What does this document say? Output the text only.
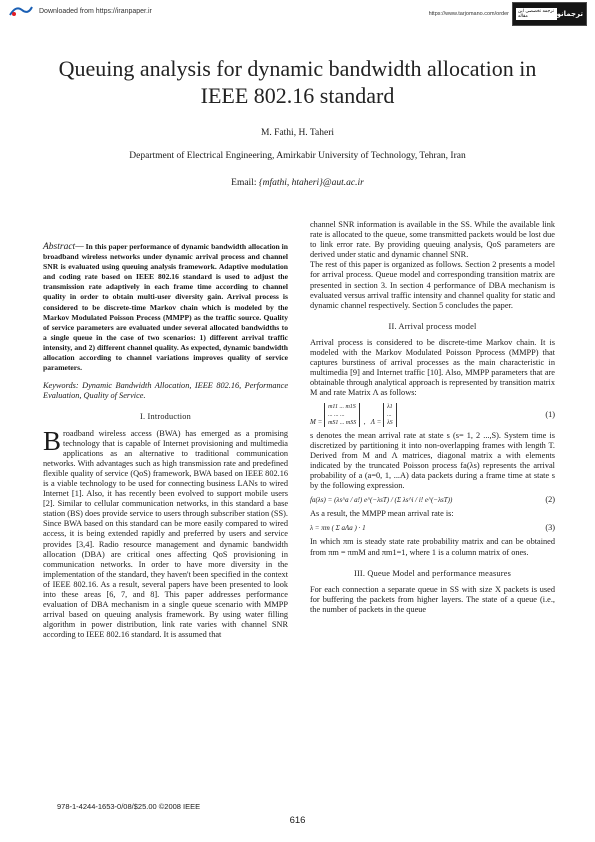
Downloaded from https://iranpaper.ir	https://www.tarjomano.com/order	ترجمه تخصصی این مقاله	ترجمانو
Queuing analysis for dynamic bandwidth allocation in IEEE 802.16 standard
M. Fathi, H. Taheri
Department of Electrical Engineering, Amirkabir University of Technology, Tehran, Iran
Email: {mfathi, htaheri}@aut.ac.ir

Abstract— In this paper performance of dynamic bandwidth allocation in broadband wireless networks under dynamic arrival process and channel SNR is evaluated using queuing analysis framework. Adaptive modulation and coding rate based on IEEE 802.16 standard is used to adjust the transmission rate adaptively in each frame time according to channel quality in order to obtain multi-user diversity gain. Arrival process is considered to be discrete-time Markov chain which is modeled by the Markov Modulated Poisson Process (MMPP) as the traffic source. Quality of service parameters are evaluated under several allocated bandwidths to a single queue in the case of two scenarios: 1) different arrival traffic intensity, and 2) different channel quality. As expected, dynamic bandwidth allocation according to channel variations improves quality of service parameters.

Keywords: Dynamic Bandwidth Allocation, IEEE 802.16, Performance Evaluation, Quality of Service.

I. Introduction

Broadband wireless access (BWA) has emerged as a promising technology that is capable of Internet provisioning and multimedia applications as an alternative to traditional communication networks. With advantages such as high transmission rate and predefined flexible quality of service (QoS) framework, BWA based on IEEE 802.16 is a viable technology to be used for connecting business LANs to wired Internet [1]. Also, it has recently been evolved to support mobile users [2]. Similar to cellular communication networks, in this standard a base station (BS) does provide service to users through subscriber station (SS). Since BWA based on this standard can be more easily compared to wired access, it is being extended rapidly and preferred by users and service provides [3,4]. Radio resource management and dynamic bandwidth allocation (DBA) are critical ones affecting QoS provisioning in communication networks. In order to have more diversity in the implementation of the standard, they haven't been specified in the context of IEEE 802.16. As a result, several papers have been presented to look into these areas [6, 7, and 8]. This paper addresses performance evaluation of DBA mechanism in a single queue scenario with MMPP arrival based on queuing analysis framework. By using water filling algorithm in power distribution, link rate varies with channel SNR according to IEEE 802.16 standard. It is assumed that

channel SNR information is available in the SS. While the available link rate is allocated to the queue, some transmitted packets would be lost due to link error rate. By providing queuing analysis, QoS parameters are derived under static and dynamic channel SNR.

The rest of this paper is organized as follows. Section 2 presents a model for arrival process. Queue model and corresponding transition matrix are presented in section 3. In section 4 performance of DBA mechanism is evaluated versus arrival traffic intensity and channel quality for static and dynamic channel respectively. Section 5 concludes the paper.

II. Arrival process model

Arrival process is considered to be discrete-time Markov chain. It is modeled with the Markov Modulated Poisson Pprocess (MMPP) that captures burstiness of arrival processes as the main characteristic in multimedia [9] and Internet traffic [10]. Also, MMPP parameters that are obtainable through analytical approach is represented by transition matrix M and rate Matrix Λ as follows:

M = m11 ... m1S
... ... ...
mS1 ... mSS  ,   Λ = λ1
...
λS
(1)

s denotes the mean arrival rate at state s (s= 1, 2 ...,S). System time is discretized by partitioning it into non-overlapping frames with length T. Derived from M and Λ matrices, diagonal matrix a with elements indicated by the truncated Poisson process fa(λs) represents the arrival probability of a (a=0, 1, ...A) data packets during a frame time at state s by the following expression.

fa(λs) = (λs^a / a!) e^(−λsT) / (Σ λs^i / i! e^(−λsT))	(2)

As a result, the MMPP mean arrival rate is:

λ = πm ( Σ aΛa ) · 1	(3)

In which πm is steady state rate probability matrix and can be obtained from πm = πmM and πm1=1, where 1 is a column matrix of ones.

III. Queue Model and performance measures

For each connection a separate queue in SS with size X packets is used for buffering the packets from higher layers. The state of a queue (i.e., the number of packets in the queue

978-1-4244-1653-0/08/$25.00 ©2008 IEEE
616
